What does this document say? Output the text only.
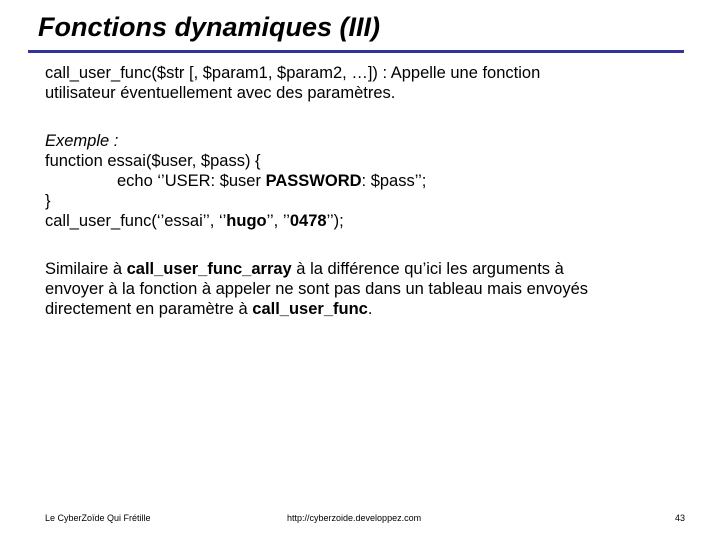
Fonctions dynamiques (III)

call_user_func($str [, $param1, $param2, …]) : Appelle une fonction

utilisateur éventuellement avec des paramètres.

Exemple :

function essai($user, $pass) {

echo ‘’USER: $user PASSWORD: $pass’’;

}

call_user_func(‘’essai’’, ‘’hugo’’, ’’0478’’);

Similaire à call_user_func_array à la différence qu’ici les arguments à

envoyer à la fonction à appeler ne sont pas dans un tableau mais envoyés

directement en paramètre à call_user_func.

Le CyberZoïde Qui Frétille	http://cyberzoide.developpez.com	43
